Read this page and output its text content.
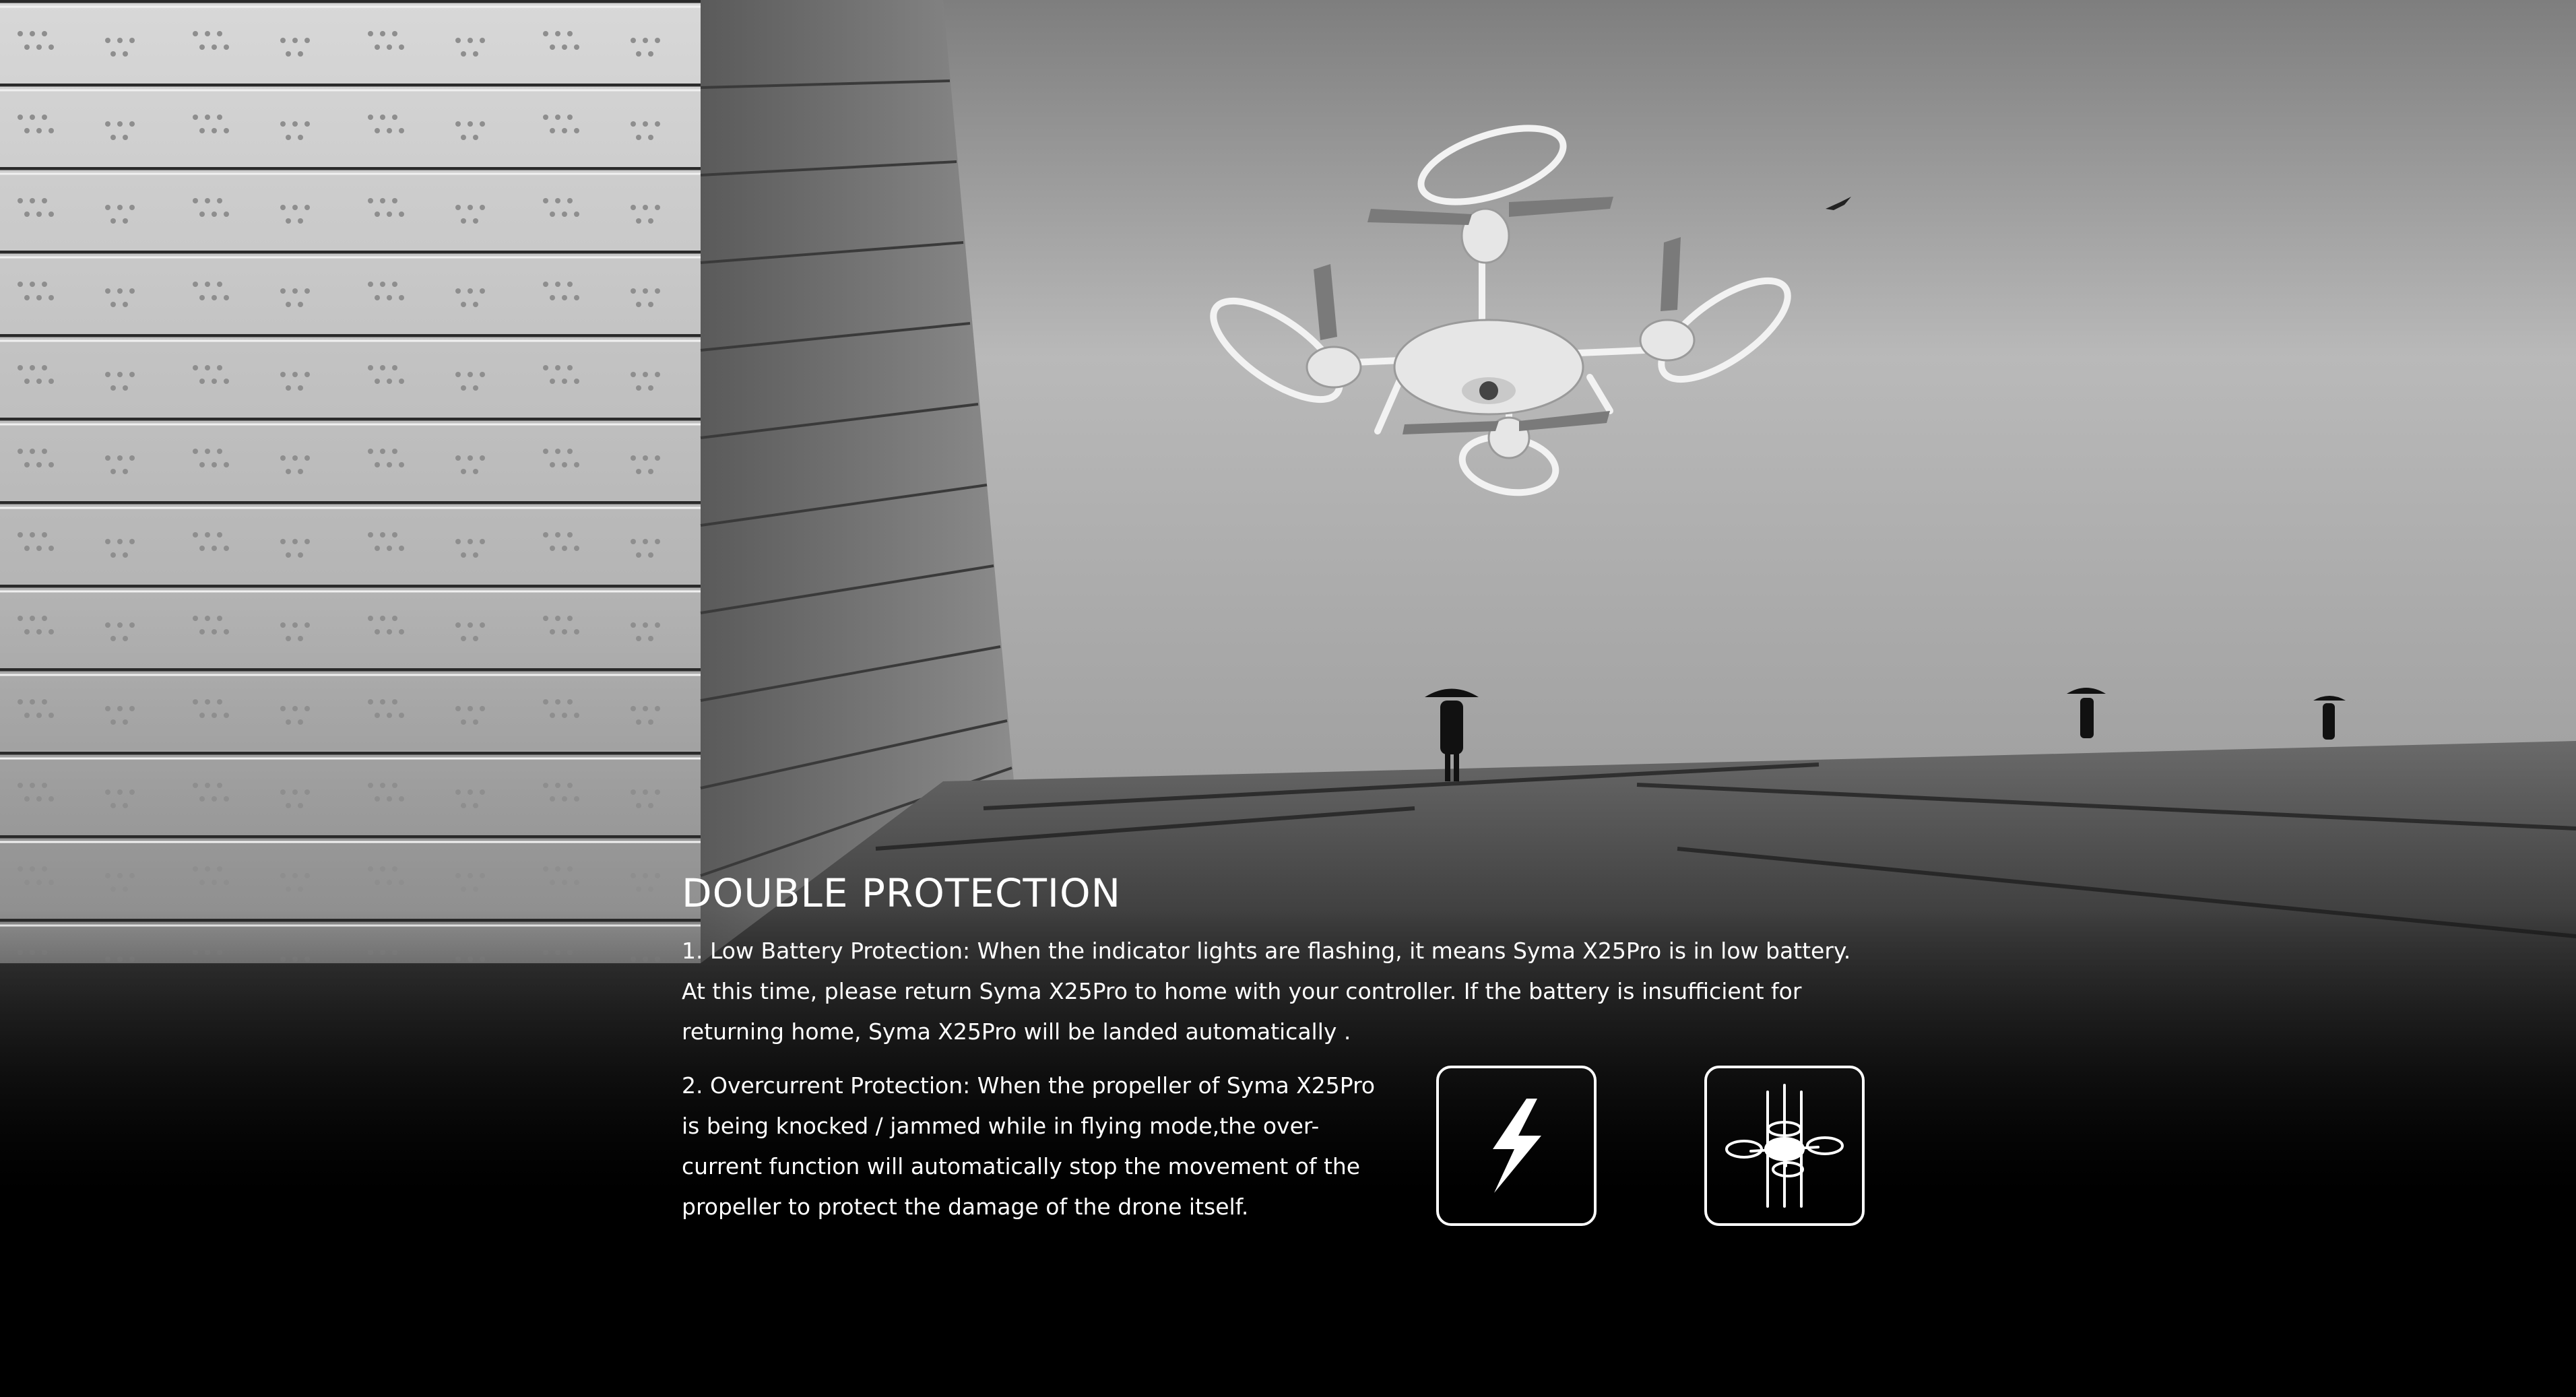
DOUBLE PROTECTION

1. Low Battery Protection: When the indicator lights are flashing, it means Syma X25Pro is in low battery. At this time, please return Syma X25Pro to home with your controller. If the battery is insufficient for returning home, Syma X25Pro will be landed automatically .

2. Overcurrent Protection: When the propeller of Syma X25Pro is being knocked / jammed while in flying mode,the over-current function will automatically stop the movement of the propeller to protect the damage of the drone itself.
